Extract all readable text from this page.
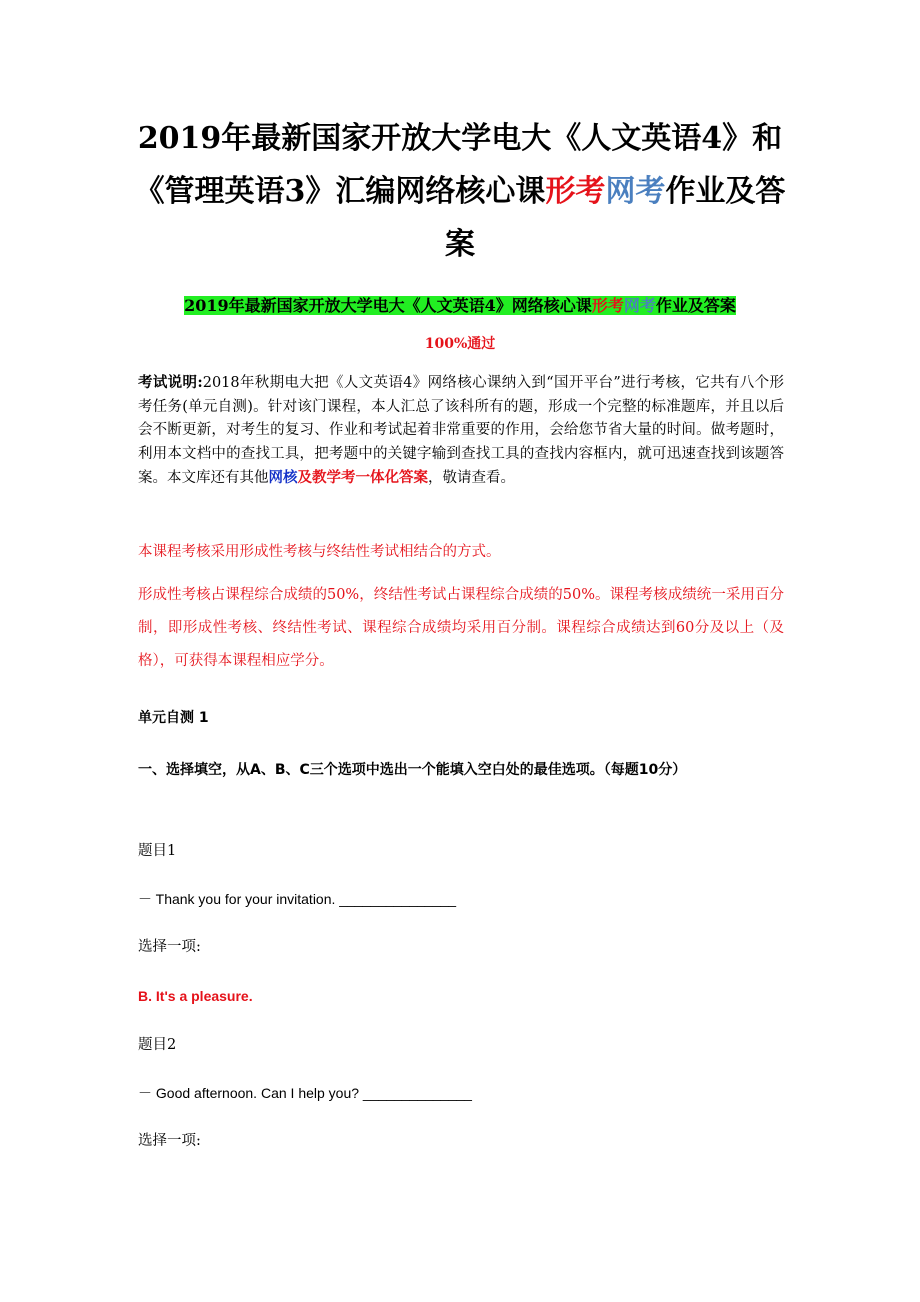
2019年最新国家开放大学电大《人文英语4》和《管理英语3》汇编网络核心课形考网考作业及答案
2019年最新国家开放大学电大《人文英语4》网络核心课形考网考作业及答案
100%通过
考试说明:2018年秋期电大把《人文英语4》网络核心课纳入到“国开平台”进行考核，它共有八个形考任务(单元自测)。针对该门课程，本人汇总了该科所有的题，形成一个完整的标准题库，并且以后会不断更新，对考生的复习、作业和考试起着非常重要的作用，会给您节省大量的时间。做考题时，利用本文档中的查找工具，把考题中的关键字输到查找工具的查找内容框内，就可迅速查找到该题答案。本文库还有其他网核及教学考一体化答案，敬请查看。
本课程考核采用形成性考核与终结性考试相结合的方式。
形成性考核占课程综合成绩的50%，终结性考试占课程综合成绩的50%。课程考核成绩统一采用百分制，即形成性考核、终结性考试、课程综合成绩均采用百分制。课程综合成绩达到60分及以上（及格），可获得本课程相应学分。
单元自测 1
一、选择填空，从A、B、C三个选项中选出一个能填入空白处的最佳选项。（每题10分）
题目1
－ Thank you for your invitation. _______________
选择一项:
B. It's a pleasure.
题目2
－ Good afternoon. Can I help you? ______________
选择一项:
